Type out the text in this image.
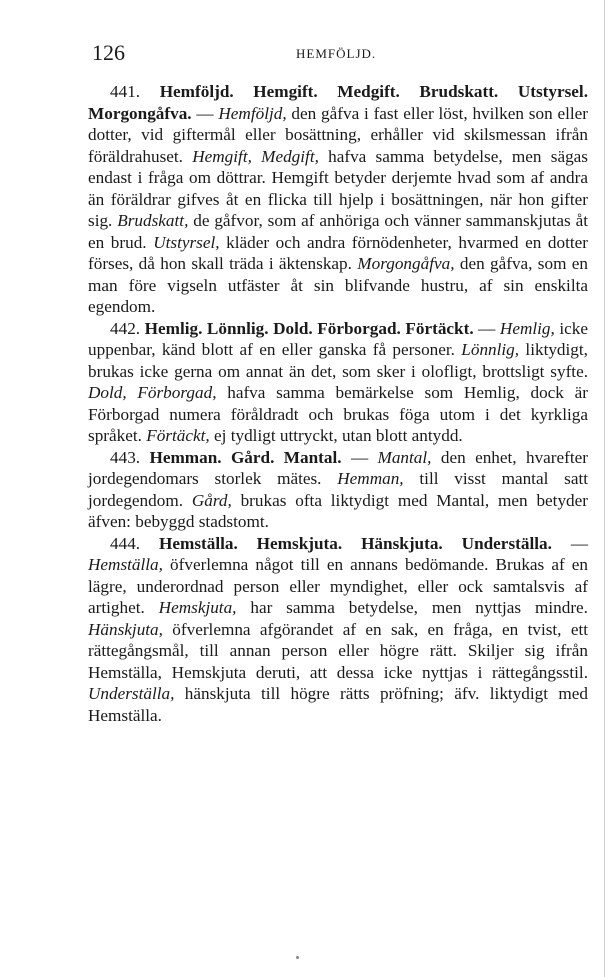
126	HEMFÖLJD.

441. Hemföljd. Hemgift. Medgift. Brudskatt. Utstyrsel. Morgongåfva. — Hemföljd, den gåfva i fast eller löst, hvilken son eller dotter, vid giftermål eller bosättning, erhåller vid skilsmessan ifrån föräldrahuset. Hemgift, Medgift, hafva samma betydelse, men sägas endast i fråga om döttrar. Hemgift betyder derjemte hvad som af andra än föräldrar gifves åt en flicka till hjelp i bosättningen, när hon gifter sig. Brudskatt, de gåfvor, som af anhöriga och vänner sammanskjutas åt en brud. Utstyrsel, kläder och andra förnödenheter, hvarmed en dotter förses, då hon skall träda i äktenskap. Morgongåfva, den gåfva, som en man före vigseln utfäster åt sin blifvande hustru, af sin enskilta egendom.

442. Hemlig. Lönnlig. Dold. Förborgad. Förtäckt. — Hemlig, icke uppenbar, känd blott af en eller ganska få personer. Lönnlig, liktydigt, brukas icke gerna om annat än det, som sker i olofligt, brottsligt syfte. Dold, Förborgad, hafva samma bemärkelse som Hemlig, dock är Förborgad numera föråldradt och brukas föga utom i det kyrkliga språket. Förtäckt, ej tydligt uttryckt, utan blott antydd.

443. Hemman. Gård. Mantal. — Mantal, den enhet, hvarefter jordegendomars storlek mätes. Hemman, till visst mantal satt jordegendom. Gård, brukas ofta liktydigt med Mantal, men betyder äfven: bebyggd stadstomt.

444. Hemställa. Hemskjuta. Hänskjuta. Underställa. — Hemställa, öfverlemna något till en annans bedömande. Brukas af en lägre, underordnad person eller myndighet, eller ock samtalsvis af artighet. Hemskjuta, har samma betydelse, men nyttjas mindre. Hänskjuta, öfverlemna afgörandet af en sak, en fråga, en tvist, ett rättegångsmål, till annan person eller högre rätt. Skiljer sig ifrån Hemställa, Hemskjuta deruti, att dessa icke nyttjas i rättegångsstil. Underställa, hänskjuta till högre rätts pröfning; äfv. liktydigt med Hemställa.
